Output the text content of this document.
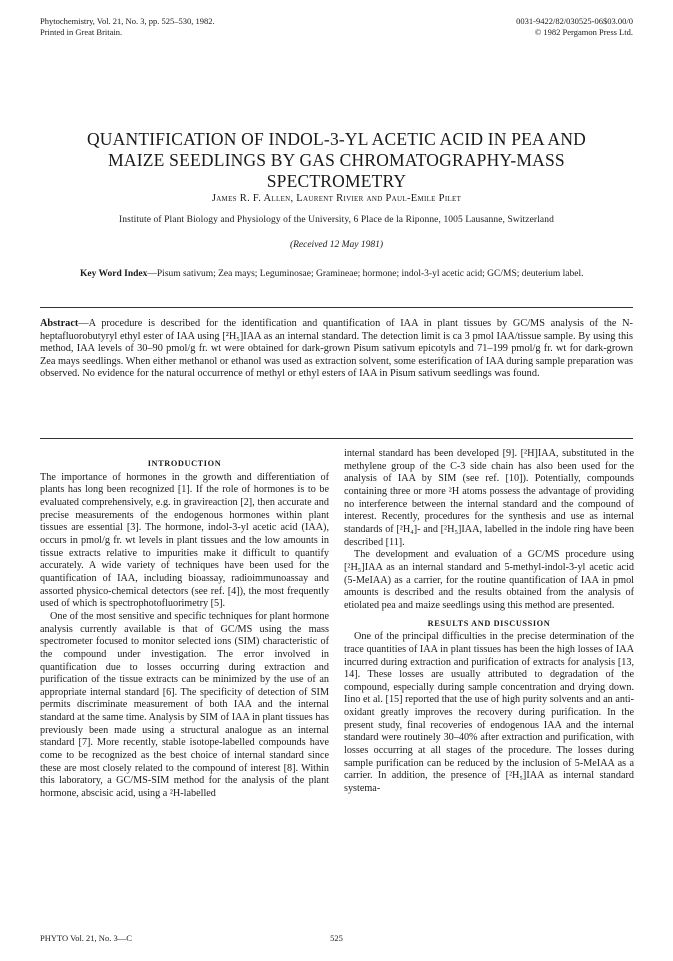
Phytochemistry, Vol. 21, No. 3, pp. 525–530, 1982.
Printed in Great Britain.
0031-9422/82/030525-06$03.00/0
© 1982 Pergamon Press Ltd.
QUANTIFICATION OF INDOL-3-YL ACETIC ACID IN PEA AND MAIZE SEEDLINGS BY GAS CHROMATOGRAPHY-MASS SPECTROMETRY
James R. F. Allen, Laurent Rivier and Paul-Emile Pilet
Institute of Plant Biology and Physiology of the University, 6 Place de la Riponne, 1005 Lausanne, Switzerland
(Received 12 May 1981)
Key Word Index—Pisum sativum; Zea mays; Leguminosae; Gramineae; hormone; indol-3-yl acetic acid; GC/MS; deuterium label.
Abstract—A procedure is described for the identification and quantification of IAA in plant tissues by GC/MS analysis of the N-heptafluorobutyryl ethyl ester of IAA using [²H₅]IAA as an internal standard. The detection limit is ca 3 pmol IAA/tissue sample. By using this method, IAA levels of 30–90 pmol/g fr. wt were obtained for dark-grown Pisum sativum epicotyls and 71–199 pmol/g fr. wt for dark-grown Zea mays seedlings. When either methanol or ethanol was used as extraction solvent, some esterification of IAA during sample preparation was observed. No evidence for the natural occurrence of methyl or ethyl esters of IAA in Pisum sativum seedlings was found.
INTRODUCTION

The importance of hormones in the growth and differentiation of plants has long been recognized [1]. If the role of hormones is to be evaluated comprehensively, e.g. in gravireaction [2], then accurate and precise measurements of the endogenous hormones within plant tissues are essential [3]. The hormone, indol-3-yl acetic acid (IAA), occurs in pmol/g fr. wt levels in plant tissues and the low amounts in tissue extracts relative to impurities make it difficult to quantify accurately. A wide variety of techniques have been used for the quantification of IAA, including bioassay, radioimmunoassay and assorted physico-chemical detectors (see ref. [4]), the most frequently used of which is spectrophotofluorimetry [5].

One of the most sensitive and specific techniques for plant hormone analysis currently available is that of GC/MS using the mass spectrometer focused to monitor selected ions (SIM) characteristic of the compound under investigation. The error involved in quantification due to losses occurring during extraction and purification of the tissue extracts can be minimized by the use of an appropriate internal standard [6]. The specificity of detection of SIM permits discriminate measurement of both IAA and the internal standard at the same time. Analysis by SIM of IAA in plant tissues has previously been made using a structural analogue as an internal standard [7]. More recently, stable isotope-labelled compounds have come to be recognized as the best choice of internal standard since these are most closely related to the compound of interest [8]. Within this laboratory, a GC/MS-SIM method for the analysis of the plant hormone, abscisic acid, using a ²H-labelled

internal standard has been developed [9]. [²H]IAA, substituted in the methylene group of the C-3 side chain has also been used for the analysis of IAA by SIM (see ref. [10]). Potentially, compounds containing three or more ²H atoms possess the advantage of providing no interference between the internal standard and the compound of interest. Recently, procedures for the synthesis and use as internal standards of [²H₄]- and [²H₅]IAA, labelled in the indole ring have been described [11].

The development and evaluation of a GC/MS procedure using [²H₅]IAA as an internal standard and 5-methyl-indol-3-yl acetic acid (5-MeIAA) as a carrier, for the routine quantification of IAA in pmol amounts is described and the results obtained from the analysis of etiolated pea and maize seedlings using this method are presented.

RESULTS AND DISCUSSION

One of the principal difficulties in the precise determination of the trace quantities of IAA in plant tissues has been the high losses of IAA incurred during extraction and purification of extracts for analysis [13, 14]. These losses are usually attributed to degradation of the compound, especially during sample concentration and drying down. Iino et al. [15] reported that the use of high purity solvents and an anti-oxidant greatly improves the recovery during purification. In the present study, final recoveries of endogenous IAA and the internal standard were routinely 30–40% after extraction and purification, with losses occurring at all stages of the procedure. The losses during sample purification can be reduced by the inclusion of 5-MeIAA as a carrier. In addition, the presence of [²H₅]IAA as internal standard systema-

PHYTO Vol. 21, No. 3—C	525
